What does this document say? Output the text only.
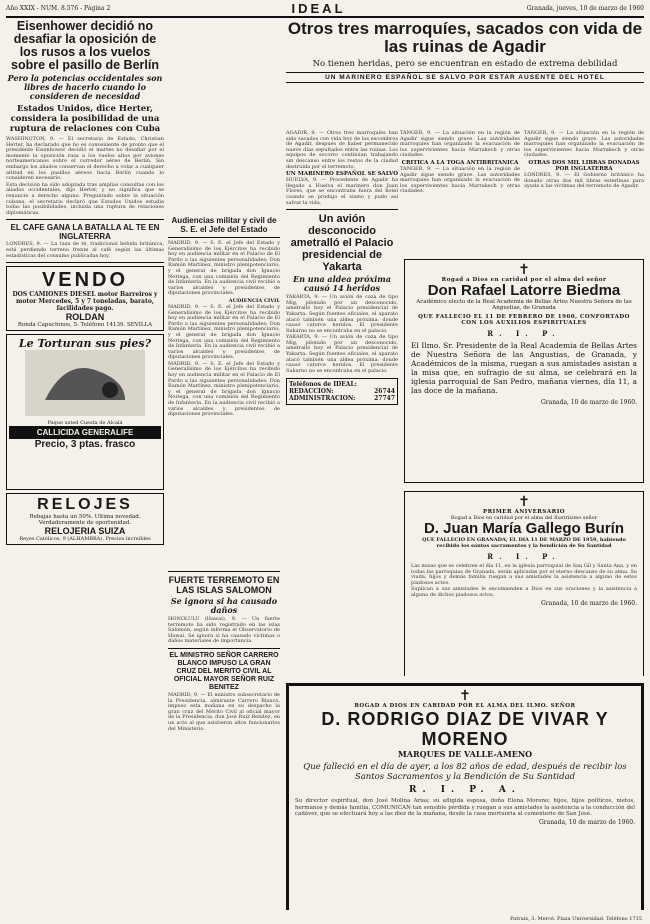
Año XXIX - NUM. 8.576 - Página 2	IDEAL	Granada, jueves, 10 de marzo de 1960
Eisenhower decidió no desafiar la oposición de los rusos a los vuelos sobre el pasillo de Berlín
Pero la potencias occidentales son libres de hacerlo cuando lo consideren de necesidad
Estados Unidos, dice Herter, considera la posibilidad de una ruptura de relaciones con Cuba

WASHINGTON, 9. — El secretario de Estado, Christian Herter, ha declarado que no es conveniente de pronto que el presidente Eisenhower decidió el martes no desafiar por el momento la oposición rusa a los vuelos altos por aviones norteamericanos sobre el corredor aéreo de Berlín. Sin embargo los aliados conservan el derecho a volar a cualquier altitud en los pasillos aéreos hacia Berlín cuando lo consideren necesario.

Esta decisión ha sido adoptada tras amplias consultas con los aliados occidentales, dijo Herter, y no significa que se renuncie a derecho alguno. Preguntado sobre la situación cubana, el secretario declaró que Estados Unidos estudia todas las posibilidades, incluida una ruptura de relaciones diplomáticas.

EL CAFE GANA LA BATALLA AL TE EN INGLATERRA

LONDRES, 9. — La taza de té, tradicional bebida británica, está perdiendo terreno frente al café según las últimas estadísticas del consumo publicadas hoy.

VENDO
DOS CAMIONES DIESEL motor Barreiros y motor Mercedes, 5 y 7 toneladas, barato, facilidades pago.
ROLDAN
Ronda Capuchinos, 5. Teléfono 14139. SEVILLA
Le Torturan sus pies?
Paque usted Cuesta de Alcalá
CALLICIDA GENERALIFE
Precio, 3 ptas. frasco
RELOJES
Rebajas hasta un 50%. Ultima novedad. Verdaderamente de oportunidad.
RELOJERIA SUIZA
Reyes Católicos, 9 (ALHAMBRA). Precios increíbles
Audiencias militar y civil de S. E. el Jefe del Estado

MADRID, 9. — S. E. el Jefe del Estado y Generalísimo de los Ejércitos ha recibido hoy en audiencia militar en el Palacio de El Pardo a las siguientes personalidades: Don Ramón Martínez, ministro plenipotenciario, y el general de brigada don Ignacio Noriega, con una comisión del Regimiento de Infantería. En la audiencia civil recibió a varios alcaldes y presidentes de diputaciones provinciales.

AUDIENCIA CIVIL

MADRID, 9. — S. E. el Jefe del Estado y Generalísimo de los Ejércitos ha recibido hoy en audiencia militar en el Palacio de El Pardo a las siguientes personalidades: Don Ramón Martínez, ministro plenipotenciario, y el general de brigada don Ignacio Noriega, con una comisión del Regimiento de Infantería. En la audiencia civil recibió a varios alcaldes y presidentes de diputaciones provinciales.

MADRID, 9. — S. E. el Jefe del Estado y Generalísimo de los Ejércitos ha recibido hoy en audiencia militar en el Palacio de El Pardo a las siguientes personalidades: Don Ramón Martínez, ministro plenipotenciario, y el general de brigada don Ignacio Noriega, con una comisión del Regimiento de Infantería. En la audiencia civil recibió a varios alcaldes y presidentes de diputaciones provinciales.

FUERTE TERREMOTO EN LAS ISLAS SALOMON
Se ignora si ha causado daños

HONOLULU (Hawai), 9. — Un fuerte terremoto ha sido registrado en las islas Salomón, según informa el Observatorio de Hawai. Se ignora si ha causado víctimas o daños materiales de importancia.

EL MINISTRO SEÑOR CARRERO BLANCO IMPUSO LA GRAN CRUZ DEL MERITO CIVIL AL OFICIAL MAYOR SEÑOR RUIZ BENITEZ

MADRID, 9. — El ministro subsecretario de la Presidencia, almirante Carrero Blanco, impuso esta mañana en su despacho la gran cruz del Mérito Civil al oficial mayor de la Presidencia, don José Ruiz Benítez, en un acto al que asistieron altos funcionarios del Ministerio.

Otros tres marroquíes, sacados con vida de las ruinas de Agadir
No tienen heridas, pero se encuentran en estado de extrema debilidad
UN MARINERO ESPAÑOL SE SALVO POR ESTAR AUSENTE DEL HOTEL

AGADIR, 9. — Otros tres marroquíes han sido sacados con vida hoy de los escombros de Agadir, después de haber permanecido nueve días sepultados entre las ruinas. Los equipos de socorro continúan trabajando sin descanso entre los restos de la ciudad destruida por el terremoto.

UN MARINERO ESPAÑOL SE SALVO

HUELVA, 9. — Procedente de Agadir ha llegado a Huelva el marinero don Juan Flores, que se encontraba fuera del hotel cuando se produjo el sismo y pudo así salvar la vida.

Un avión desconocido ametralló el Palacio presidencial de Yakarta
En una aldea próxima causó 14 heridos

YAKARTA, 9. — Un avión de caza de tipo Mig, pilotado por un desconocido, ametralló hoy el Palacio presidencial de Yakarta. Según fuentes oficiales, el aparato atacó también una aldea próxima, donde causó catorce heridos. El presidente Sukarno no se encontraba en el palacio.

YAKARTA, 9. — Un avión de caza de tipo Mig, pilotado por un desconocido, ametralló hoy el Palacio presidencial de Yakarta. Según fuentes oficiales, el aparato atacó también una aldea próxima, donde causó catorce heridos. El presidente Sukarno no se encontraba en el palacio.

Teléfonos de IDEAL:
REDACCION:	26744
ADMINISTRACION:	27747

TANGER, 9. — La situación en la región de Agadir sigue siendo grave. Las autoridades marroquíes han organizado la evacuación de los supervivientes hacia Marrakech y otras ciudades.

CRITICA A LA TOGA ANTIBRITANICA

TANGER, 9. — La situación en la región de Agadir sigue siendo grave. Las autoridades marroquíes han organizado la evacuación de los supervivientes hacia Marrakech y otras ciudades.

TANGER, 9. — La situación en la región de Agadir sigue siendo grave. Las autoridades marroquíes han organizado la evacuación de los supervivientes hacia Marrakech y otras ciudades.

OTRAS DOS MIL LIBRAS DONADAS POR INGLATERRA

LONDRES, 9. — El Gobierno británico ha donado otras dos mil libras esterlinas para ayuda a las víctimas del terremoto de Agadir.

✝
Rogad a Dios en caridad por el alma del señor
Don Rafael Latorre Biedma
Académico electo de la Real Academia de Bellas Artes Nuestra Señora de las Angustias, de Granada
QUE FALLECIO EL 11 DE FEBRERO DE 1960, CONFORTADO CON LOS AUXILIOS ESPIRITUALES
R. I. P.
El Ilmo. Sr. Presidente de la Real Academia de Bellas Artes de Nuestra Señora de las Angustias, de Granada, y Académicos de la misma, ruegan a sus amistades asistan a la misa que, en sufragio de su alma, se celebrará en la iglesia parroquial de San Pedro, mañana viernes, día 11, a las doce de la mañana.
Granada, 10 de marzo de 1960.
✝
PRIMER ANIVERSARIO
Rogad a Dios en caridad por el alma del Ilustrísimo señor
D. Juan María Gallego Burín
QUE FALLECIO EN GRANADA, EL DIA 11 DE MARZO DE 1959, habiendo recibido los santos sacramentos y la bendición de Su Santidad
R. I. P.
Las misas que se celebren el día 11, en la iglesia parroquial de San Gil y Santa Ana, y en todas las parroquias de Granada, serán aplicadas por el eterno descanso de su alma. Su viuda, hijos y demás familia ruegan a sus amistades la asistencia a alguno de estos piadosos actos.
Suplican a sus amistades le encomienden a Dios en sus oraciones y la asistencia a alguno de dichos piadosos actos.
Granada, 10 de marzo de 1960.
✝
ROGAD A DIOS EN CARIDAD POR EL ALMA DEL ILMO. SEÑOR
D. RODRIGO DIAZ DE VIVAR Y MORENO
MARQUES DE VALLE-AMENO
Que falleció en el día de ayer, a los 82 años de edad, después de recibir los Santos Sacramentos y la Bendición de Su Santidad
R. I. P. A.
Su director espiritual, don José Molina Arias; su afligida esposa, doña Elena Moreno; hijos, hijos políticos, nietos, hermanos y demás familia, COMUNICAN tan sensible pérdida y ruegan a sus amistades la asistencia a la conducción del cadáver, que se efectuará hoy a las diez de la mañana, desde la casa mortuoria al cementerio de San José.
Granada, 10 de marzo de 1960.
Patraix, 3. Mercé. Plaza Universidad. Teléfono 1715
